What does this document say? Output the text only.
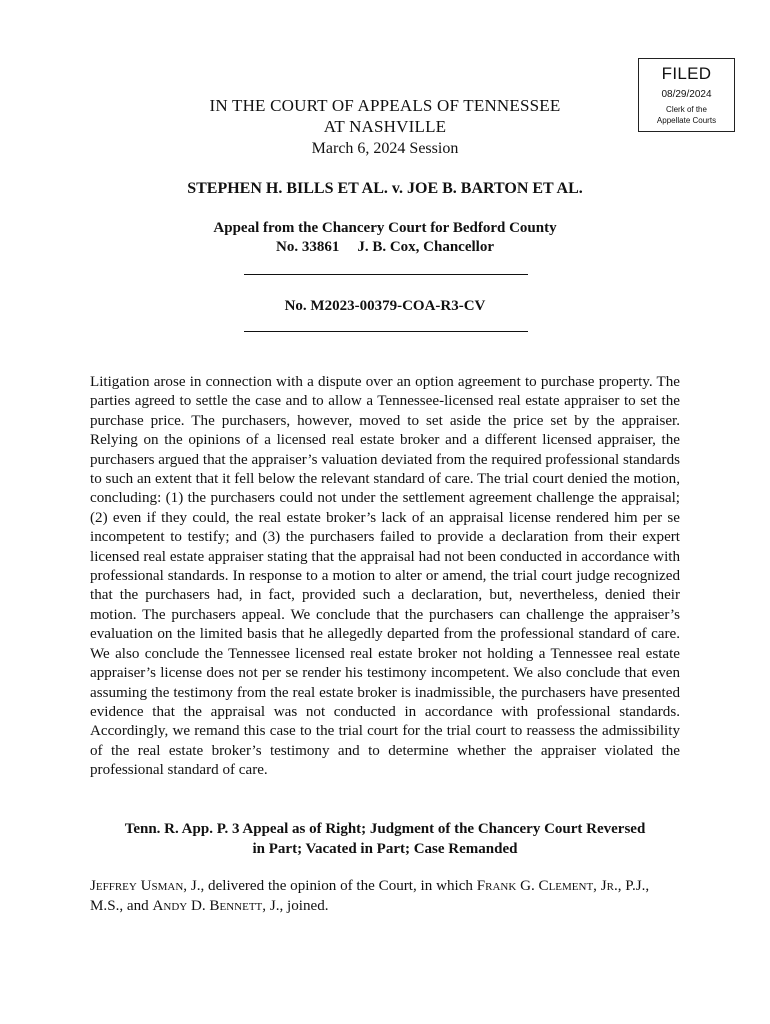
FILED
08/29/2024
Clerk of the
Appellate Courts
IN THE COURT OF APPEALS OF TENNESSEE
AT NASHVILLE
March 6, 2024 Session
STEPHEN H. BILLS ET AL. v. JOE B. BARTON ET AL.
Appeal from the Chancery Court for Bedford County
No. 33861 J. B. Cox, Chancellor
No. M2023-00379-COA-R3-CV
Litigation arose in connection with a dispute over an option agreement to purchase property. The parties agreed to settle the case and to allow a Tennessee-licensed real estate appraiser to set the purchase price. The purchasers, however, moved to set aside the price set by the appraiser. Relying on the opinions of a licensed real estate broker and a different licensed appraiser, the purchasers argued that the appraiser’s valuation deviated from the required professional standards to such an extent that it fell below the relevant standard of care. The trial court denied the motion, concluding: (1) the purchasers could not under the settlement agreement challenge the appraisal; (2) even if they could, the real estate broker’s lack of an appraisal license rendered him per se incompetent to testify; and (3) the purchasers failed to provide a declaration from their expert licensed real estate appraiser stating that the appraisal had not been conducted in accordance with professional standards. In response to a motion to alter or amend, the trial court judge recognized that the purchasers had, in fact, provided such a declaration, but, nevertheless, denied their motion. The purchasers appeal. We conclude that the purchasers can challenge the appraiser’s evaluation on the limited basis that he allegedly departed from the professional standard of care. We also conclude the Tennessee licensed real estate broker not holding a Tennessee real estate appraiser’s license does not per se render his testimony incompetent. We also conclude that even assuming the testimony from the real estate broker is inadmissible, the purchasers have presented evidence that the appraisal was not conducted in accordance with professional standards. Accordingly, we remand this case to the trial court for the trial court to reassess the admissibility of the real estate broker’s testimony and to determine whether the appraiser violated the professional standard of care.
Tenn. R. App. P. 3 Appeal as of Right; Judgment of the Chancery Court Reversed
in Part; Vacated in Part; Case Remanded
Jeffrey Usman, J., delivered the opinion of the Court, in which Frank G. Clement, Jr., P.J., M.S., and Andy D. Bennett, J., joined.
